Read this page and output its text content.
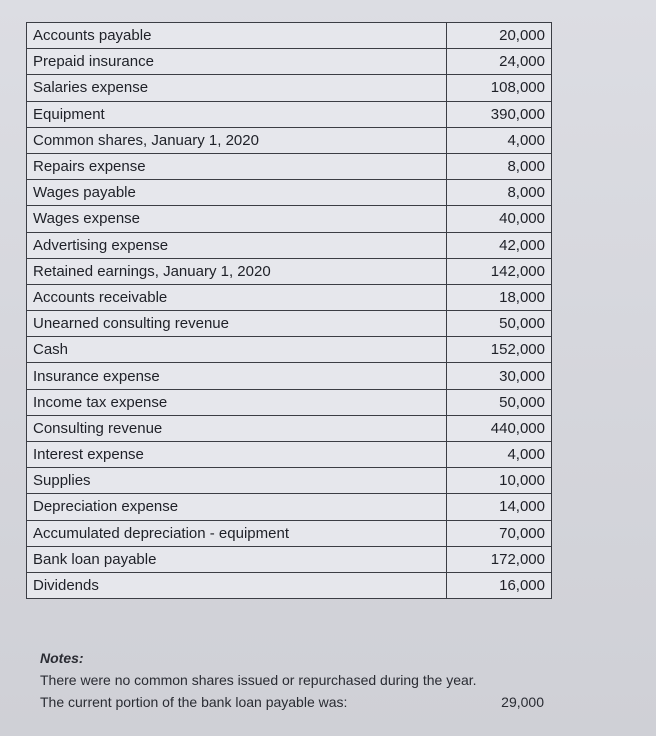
Accounts payable	20,000
Prepaid insurance	24,000
Salaries expense	108,000
Equipment	390,000
Common shares, January 1, 2020	4,000
Repairs expense	8,000
Wages payable	8,000
Wages expense	40,000
Advertising expense	42,000
Retained earnings, January 1, 2020	142,000
Accounts receivable	18,000
Unearned consulting revenue	50,000
Cash	152,000
Insurance expense	30,000
Income tax expense	50,000
Consulting revenue	440,000
Interest expense	4,000
Supplies	10,000
Depreciation expense	14,000
Accumulated depreciation - equipment	70,000
Bank loan payable	172,000
Dividends	16,000
Notes:
There were no common shares issued or repurchased during the year.
The current portion of the bank loan payable was:	29,000
